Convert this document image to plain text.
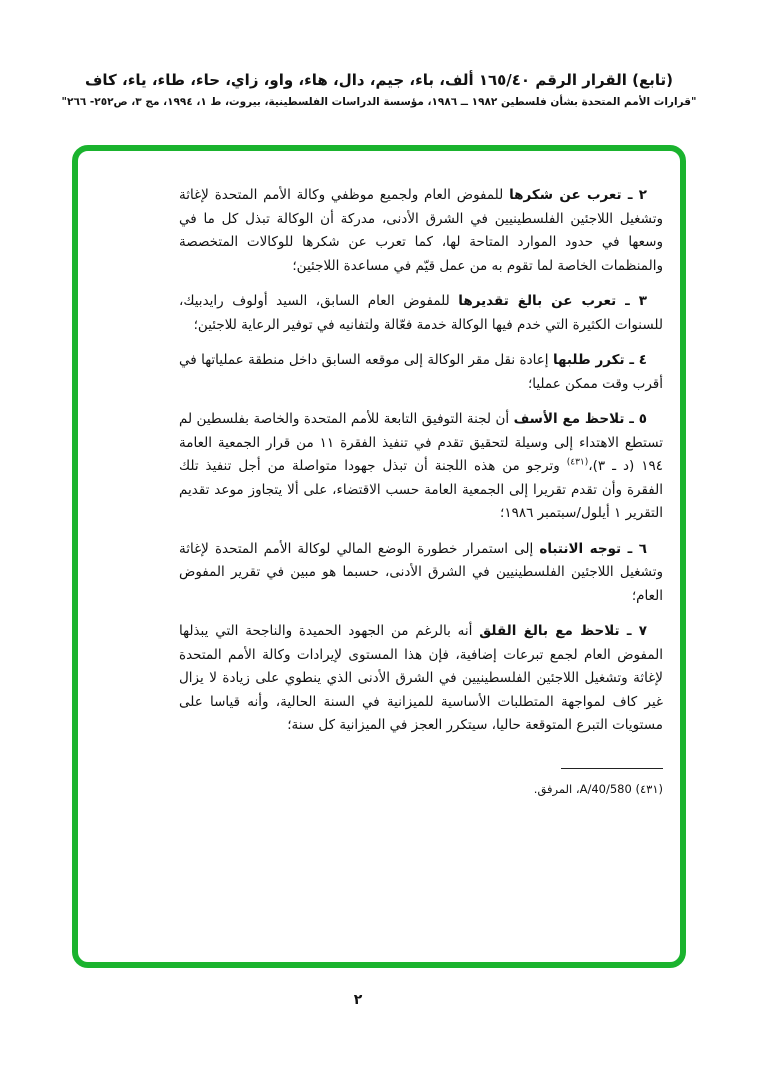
(تابع) القرار الرقم ١٦٥/٤٠ ألف، باء، جيم، دال، هاء، واو، زاي، حاء، طاء، ياء، كاف
"قرارات الأمم المتحدة بشأن فلسطين ١٩٨٢ ــ ١٩٨٦، مؤسسة الدراسات الفلسطينية، بيروت، ط ١، ١٩٩٤، مج ٣، ص٢٥٢- ٢٦٦"

٢ ـ تعرب عن شكرها للمفوض العام ولجميع موظفي وكالة الأمم المتحدة لإغاثة وتشغيل اللاجئين الفلسطينيين في الشرق الأدنى، مدركة أن الوكالة تبذل كل ما في وسعها في حدود الموارد المتاحة لها، كما تعرب عن شكرها للوكالات المتخصصة والمنظمات الخاصة لما تقوم به من عمل قيّم في مساعدة اللاجئين؛

٣ ـ تعرب عن بالغ تقديرها للمفوض العام السابق، السيد أولوف رايدبيك، للسنوات الكثيرة التي خدم فيها الوكالة خدمة فعّالة ولتفانيه في توفير الرعاية للاجئين؛

٤ ـ تكرر طلبها إعادة نقل مقر الوكالة إلى موقعه السابق داخل منطقة عملياتها في أقرب وقت ممكن عمليا؛

٥ ـ تلاحظ مع الأسف أن لجنة التوفيق التابعة للأمم المتحدة والخاصة بفلسطين لم تستطع الاهتداء إلى وسيلة لتحقيق تقدم في تنفيذ الفقرة ١١ من قرار الجمعية العامة ١٩٤ (د ـ ٣)،$^{(٤٣١)}$ وترجو من هذه اللجنة أن تبذل جهودا متواصلة من أجل تنفيذ تلك الفقرة وأن تقدم تقريرا إلى الجمعية العامة حسب الاقتضاء، على ألا يتجاوز موعد تقديم التقرير ١ أيلول/سبتمبر ١٩٨٦؛

٦ ـ توجه الانتباه إلى استمرار خطورة الوضع المالي لوكالة الأمم المتحدة لإغاثة وتشغيل اللاجئين الفلسطينيين في الشرق الأدنى، حسبما هو مبين في تقرير المفوض العام؛

٧ ـ تلاحظ مع بالغ القلق أنه بالرغم من الجهود الحميدة والناجحة التي يبذلها المفوض العام لجمع تبرعات إضافية، فإن هذا المستوى لإيرادات وكالة الأمم المتحدة لإغاثة وتشغيل اللاجئين الفلسطينيين في الشرق الأدنى الذي ينطوي على زيادة لا يزال غير كاف لمواجهة المتطلبات الأساسية للميزانية في السنة الحالية، وأنه قياسا على مستويات التبرع المتوقعة حاليا، سيتكرر العجز في الميزانية كل سنة؛

(٤٣١) A/40/580، المرفق.
٢
